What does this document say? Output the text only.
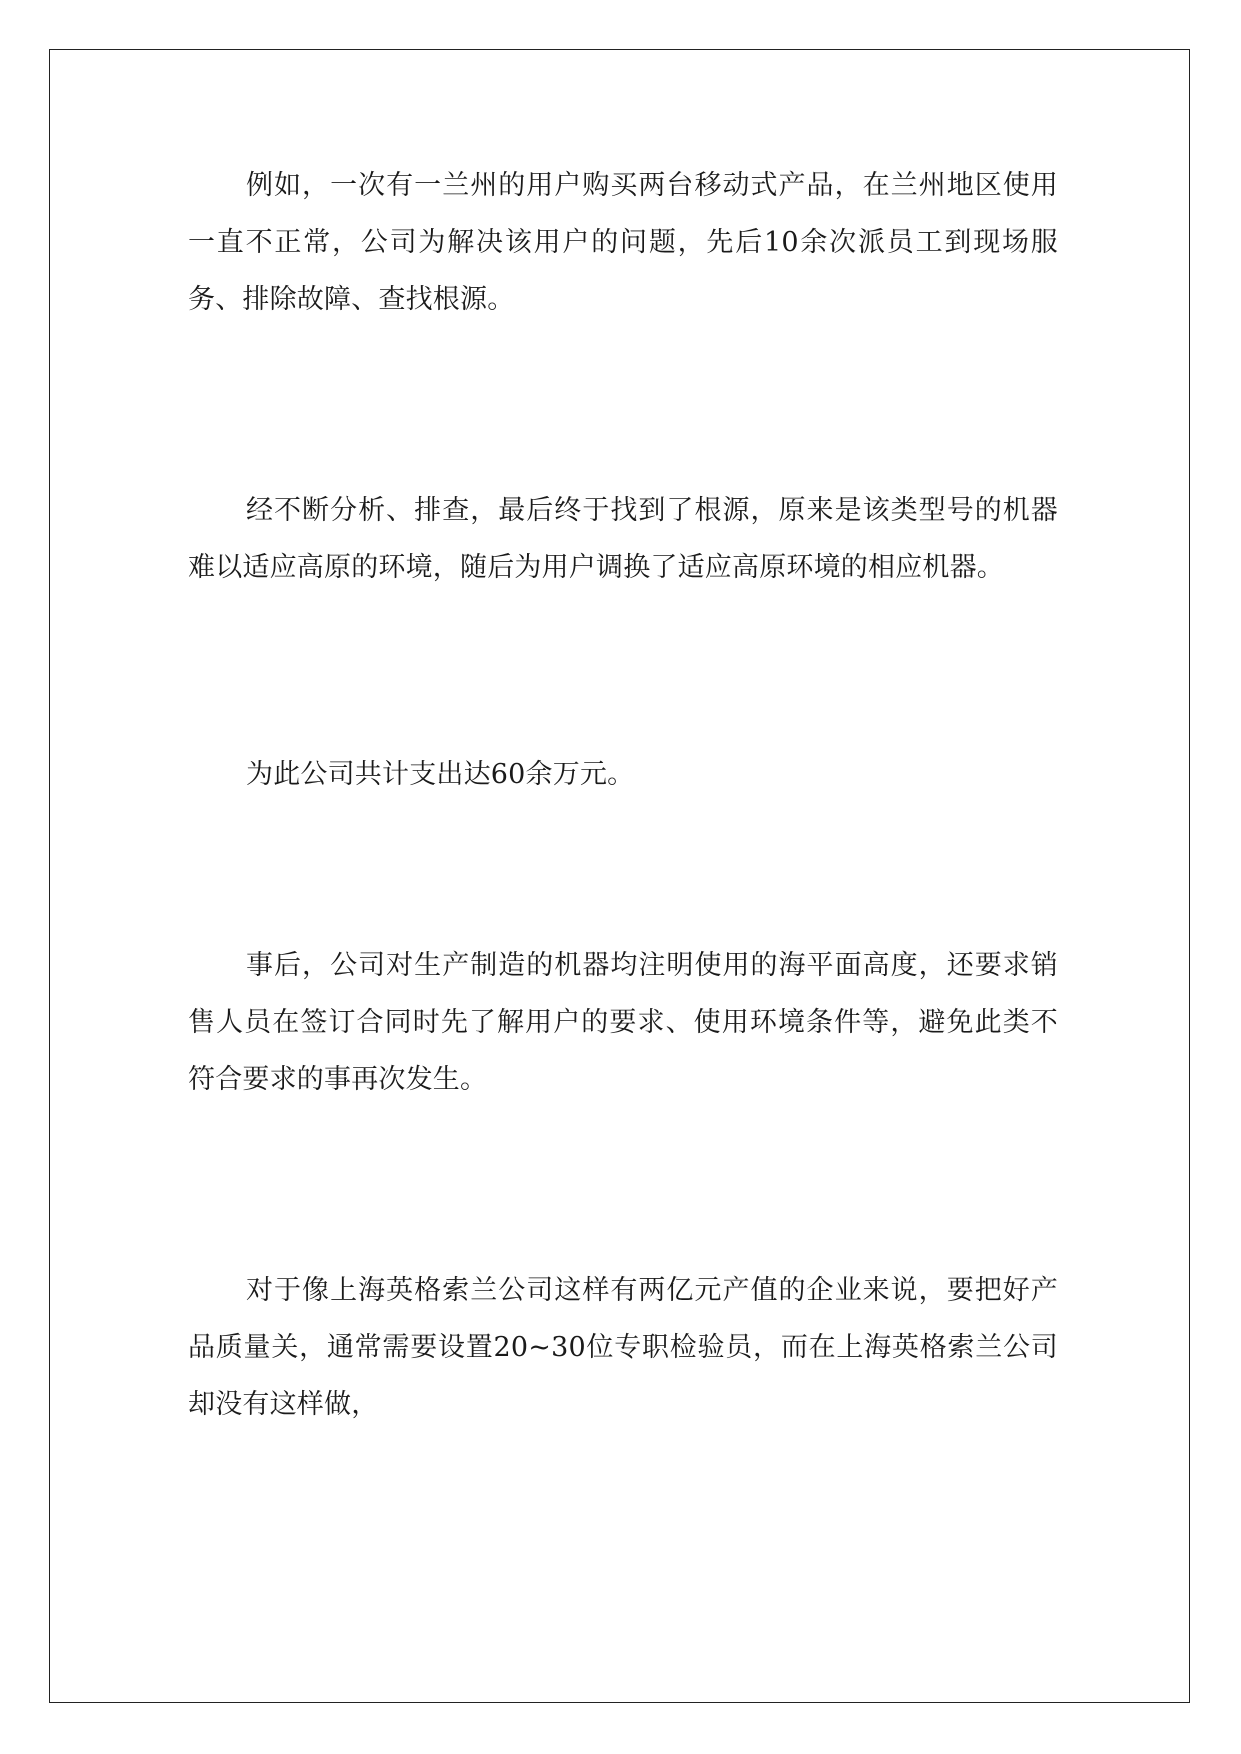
例如，一次有一兰州的用户购买两台移动式产品，在兰州地区使用一直不正常，公司为解决该用户的问题，先后10余次派员工到现场服务、排除故障、查找根源。

经不断分析、排查，最后终于找到了根源，原来是该类型号的机器难以适应高原的环境，随后为用户调换了适应高原环境的相应机器。

为此公司共计支出达60余万元。

事后，公司对生产制造的机器均注明使用的海平面高度，还要求销售人员在签订合同时先了解用户的要求、使用环境条件等，避免此类不符合要求的事再次发生。

对于像上海英格索兰公司这样有两亿元产值的企业来说，要把好产品质量关，通常需要设置20~30位专职检验员，而在上海英格索兰公司却没有这样做，
